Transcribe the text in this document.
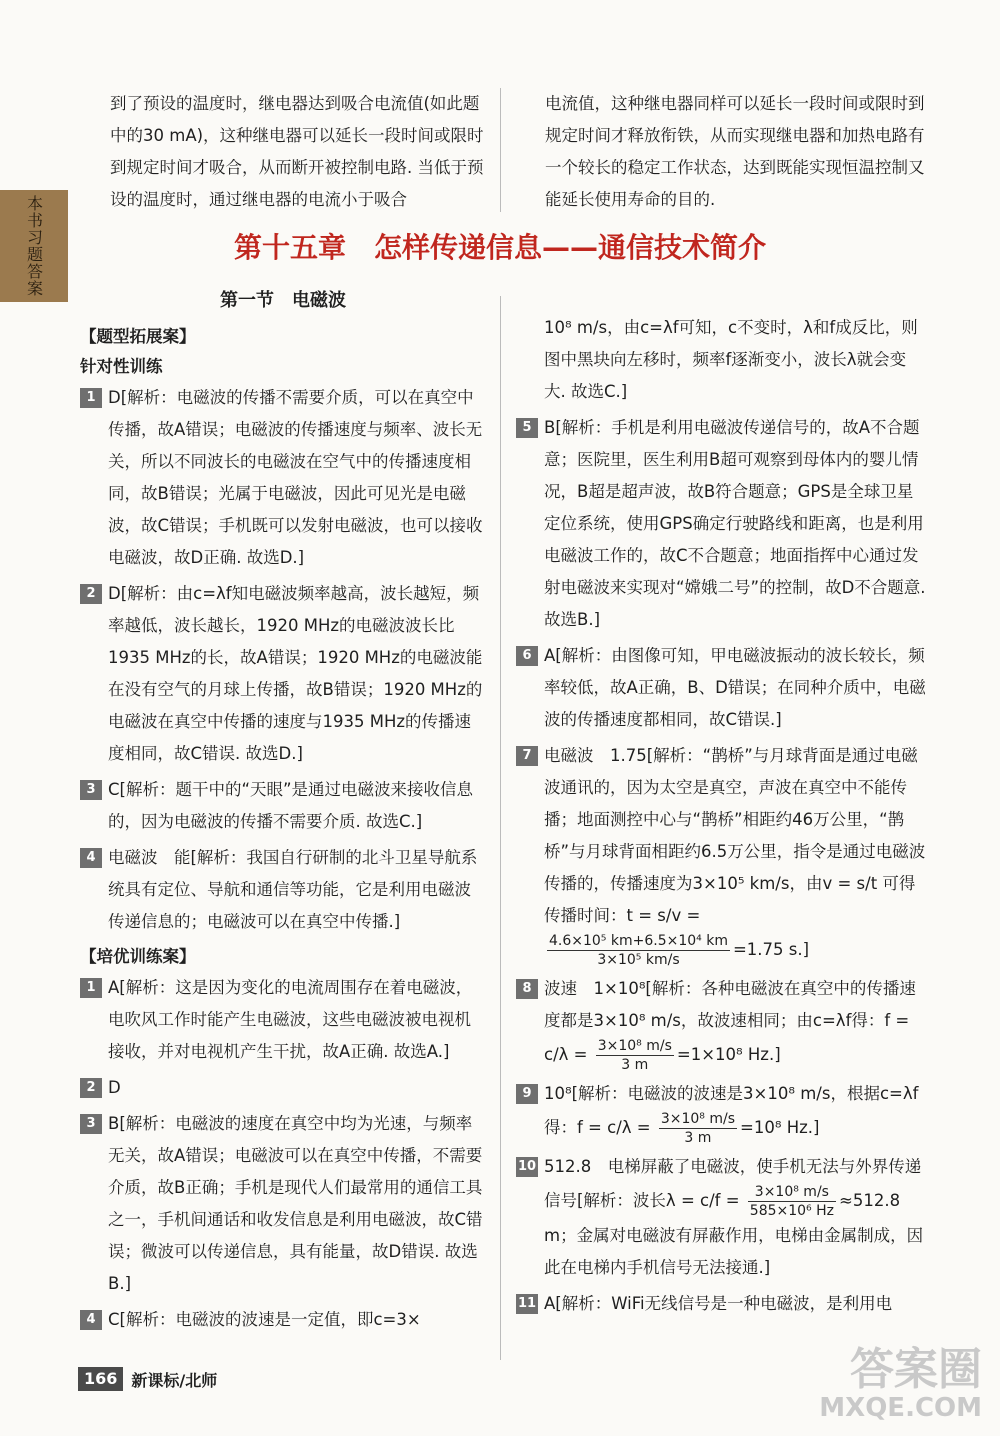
本书习题答案

到了预设的温度时，继电器达到吸合电流值(如此题中的30 mA)，这种继电器可以延长一段时间或限时到规定时间才吸合，从而断开被控制电路. 当低于预设的温度时，通过继电器的电流小于吸合

电流值，这种继电器同样可以延长一段时间或限时到规定时间才释放衔铁，从而实现继电器和加热电路有一个较长的稳定工作状态，达到既能实现恒温控制又能延长使用寿命的目的.

第十五章　怎样传递信息——通信技术简介
第一节　电磁波

【题型拓展案】

针对性训练

1 D[解析：电磁波的传播不需要介质，可以在真空中传播，故A错误；电磁波的传播速度与频率、波长无关，所以不同波长的电磁波在空气中的传播速度相同，故B错误；光属于电磁波，因此可见光是电磁波，故C错误；手机既可以发射电磁波，也可以接收电磁波，故D正确. 故选D.]
2 D[解析：由c=λf知电磁波频率越高，波长越短，频率越低，波长越长，1920 MHz的电磁波波长比1935 MHz的长，故A错误；1920 MHz的电磁波能在没有空气的月球上传播，故B错误；1920 MHz的电磁波在真空中传播的速度与1935 MHz的传播速度相同，故C错误. 故选D.]
3 C[解析：题干中的“天眼”是通过电磁波来接收信息的，因为电磁波的传播不需要介质. 故选C.]
4 电磁波　能[解析：我国自行研制的北斗卫星导航系统具有定位、导航和通信等功能，它是利用电磁波传递信息的；电磁波可以在真空中传播.]

【培优训练案】

1 A[解析：这是因为变化的电流周围存在着电磁波，电吹风工作时能产生电磁波，这些电磁波被电视机接收，并对电视机产生干扰，故A正确. 故选A.]
2 D
3 B[解析：电磁波的速度在真空中均为光速，与频率无关，故A错误；电磁波可以在真空中传播，不需要介质，故B正确；手机是现代人们最常用的通信工具之一，手机间通话和收发信息是利用电磁波，故C错误；微波可以传递信息，具有能量，故D错误. 故选B.]
4 C[解析：电磁波的波速是一定值，即c=3×

10⁸ m/s，由c=λf可知，c不变时，λ和f成反比，则图中黑块向左移时，频率f逐渐变小，波长λ就会变大. 故选C.]

5 B[解析：手机是利用电磁波传递信号的，故A不合题意；医院里，医生利用B超可观察到母体内的婴儿情况，B超是超声波，故B符合题意；GPS是全球卫星定位系统，使用GPS确定行驶路线和距离，也是利用电磁波工作的，故C不合题意；地面指挥中心通过发射电磁波来实现对“嫦娥二号”的控制，故D不合题意. 故选B.]
6 A[解析：由图像可知，甲电磁波振动的波长较长，频率较低，故A正确，B、D错误；在同种介质中，电磁波的传播速度都相同，故C错误.]
7 电磁波　1.75[解析：“鹊桥”与月球背面是通过电磁波通讯的，因为太空是真空，声波在真空中不能传播；地面测控中心与“鹊桥”相距约46万公里，“鹊桥”与月球背面相距约6.5万公里，指令是通过电磁波传播的，传播速度为3×10⁵ km/s，由v = s/t 可得传播时间：t = s/v =
$\frac{\text{4.6×10⁵ km+6.5×10⁴ km}}{\text{3×10⁵ km/s}} =1.75$ s.]
8 波速　1×10⁸[解析：各种电磁波在真空中的传播速度都是3×10⁸ m/s，故波速相同；由c=λf得：$f = c/\lambda = \frac{\text{3×10⁸ m/s}}{3 m} =1\times 10^8$ Hz.]
9 10⁸[解析：电磁波的波速是3×10⁸ m/s，根据c=λf得：$f = c/\lambda = \frac{\text{3×10⁸ m/s}}{3 m} =10^8$ Hz.]
10 512.8　电梯屏蔽了电磁波，使手机无法与外界传递信号[解析：波长$\lambda = c/f = \frac{\text{3×10⁸ m/s}}{\text{585×10⁶ Hz}} \approx 512.8$ m；金属对电磁波有屏蔽作用，电梯由金属制成，因此在电梯内手机信号无法接通.]
11 A[解析：WiFi无线信号是一种电磁波，是利用电
166 新课标/北师	答案圈
MXQE.COM
